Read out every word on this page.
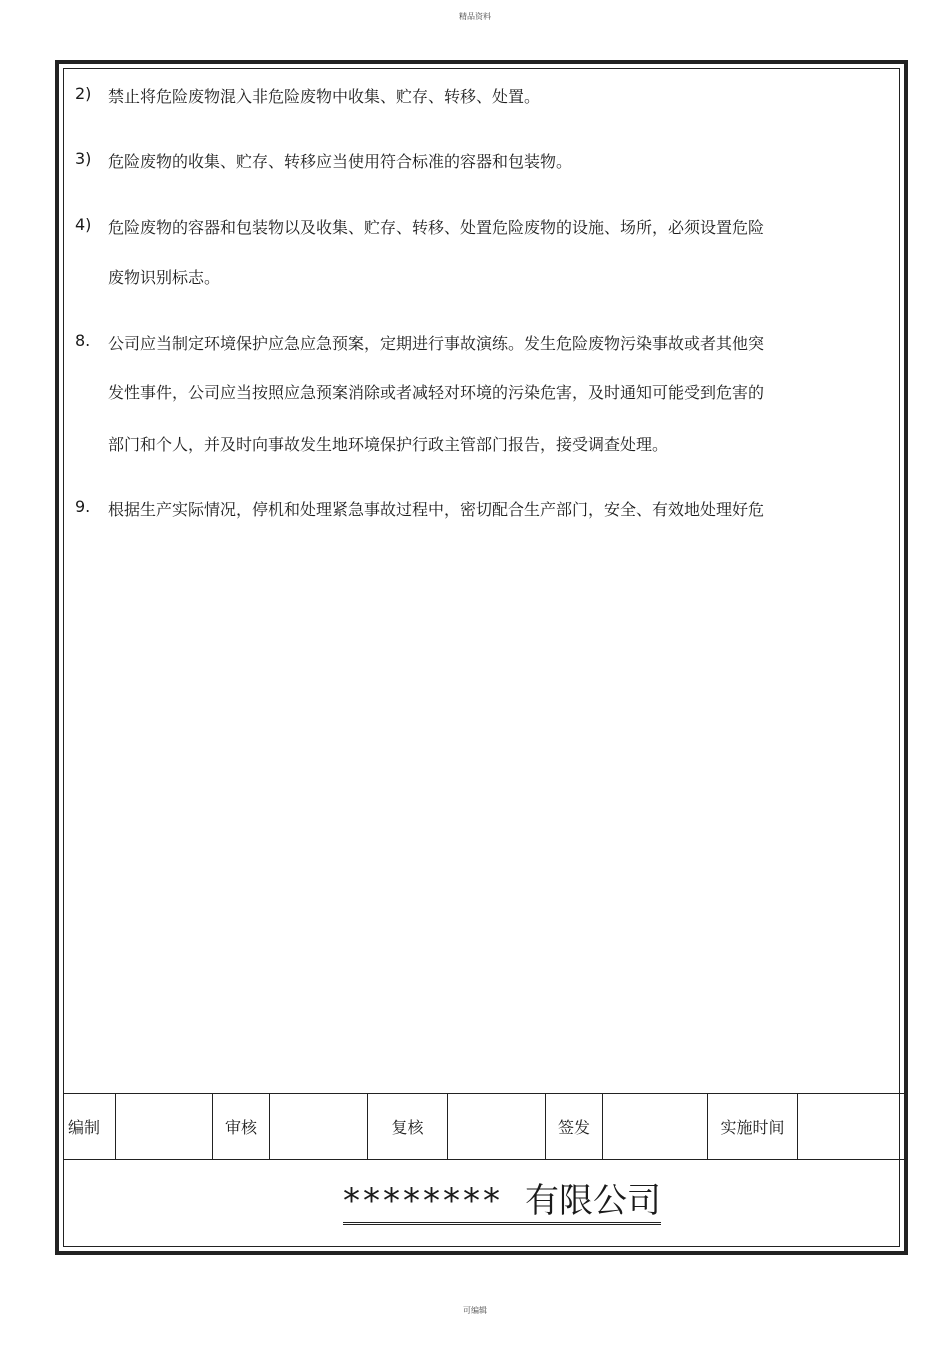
精品资料
2)	禁止将危险废物混入非危险废物中收集、贮存、转移、处置。
3)	危险废物的收集、贮存、转移应当使用符合标准的容器和包装物。
4)	危险废物的容器和包装物以及收集、贮存、转移、处置危险废物的设施、场所，必须设置危险
废物识别标志。
8.	公司应当制定环境保护应急应急预案，定期进行事故演练。发生危险废物污染事故或者其他突
发性事件，公司应当按照应急预案消除或者减轻对环境的污染危害，及时通知可能受到危害的
部门和个人，并及时向事故发生地环境保护行政主管部门报告，接受调查处理。
9.	根据生产实际情况，停机和处理紧急事故过程中，密切配合生产部门，安全、有效地处理好危
编制		审核		复核		签发		实施时间	
******** 有限公司
可编辑
